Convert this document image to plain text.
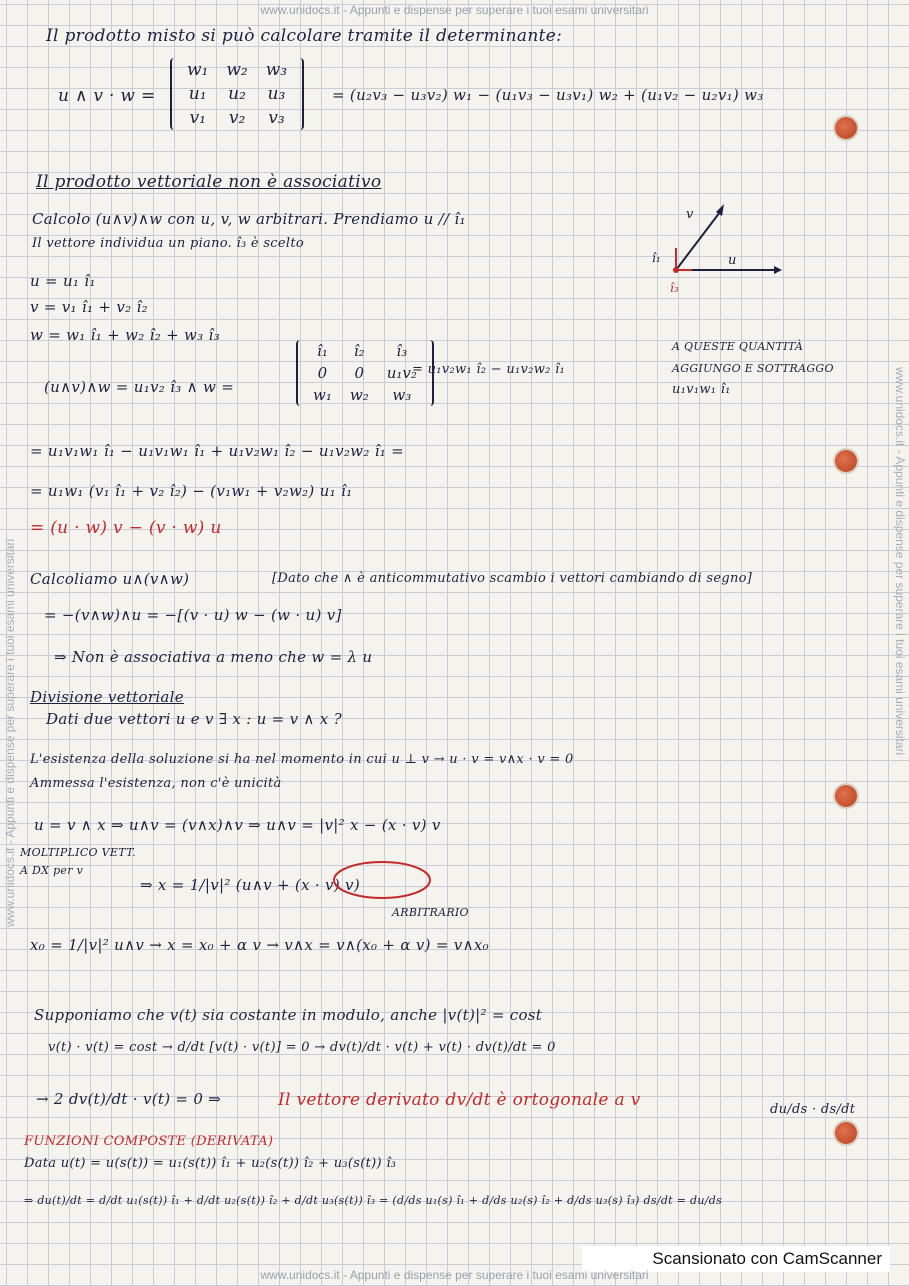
www.unidocs.it - Appunti e dispense per superare i tuoi esami universitari
www.unidocs.it - Appunti e dispense per superare i tuoi esami universitari	www.unidocs.it - Appunti e dispense per superare i tuoi esami universitari
Il prodotto misto si può calcolare tramite il determinante:
u ∧ v · w =
w₁	w₂	w₃
u₁	u₂	u₃
v₁	v₂	v₃
= (u₂v₃ − u₃v₂) w₁ − (u₁v₃ − u₃v₁) w₂ + (u₁v₂ − u₂v₁) w₃
Il prodotto vettoriale non è associativo
Calcolo (u∧v)∧w con u, v, w arbitrari. Prendiamo u // î₁
Il vettore individua un piano. î₃ è scelto
v
u
î₁
î₃
u = u₁ î₁
v = v₁ î₁ + v₂ î₂
w = w₁ î₁ + w₂ î₂ + w₃ î₃
(u∧v)∧w = u₁v₂ î₃ ∧ w =
î₁	î₂	î₃
0	0	u₁v₂
w₁	w₂	w₃
= u₁v₂w₁ î₂ − u₁v₂w₂ î₁
A QUESTE QUANTITÀ
AGGIUNGO E SOTTRAGGO
u₁v₁w₁ î₁
= u₁v₁w₁ î₁ − u₁v₁w₁ î₁ + u₁v₂w₁ î₂ − u₁v₂w₂ î₁ =
= u₁w₁ (v₁ î₁ + v₂ î₂) − (v₁w₁ + v₂w₂) u₁ î₁
= (u · w) v − (v · w) u
Calcoliamo u∧(v∧w)	[Dato che ∧ è anticommutativo scambio i vettori cambiando di segno]
= −(v∧w)∧u = −[(v · u) w − (w · u) v]
⇒ Non è associativa a meno che w = λ u
Divisione vettoriale
Dati due vettori u e v ∃ x : u = v ∧ x ?
L'esistenza della soluzione si ha nel momento in cui u ⊥ v → u · v = v∧x · v = 0
Ammessa l'esistenza, non c'è unicità
u = v ∧ x ⇒ u∧v = (v∧x)∧v ⇒ u∧v = |v|² x − (x · v) v
MOLTIPLICO VETT.
A DX per v
⇒ x = 1/|v|² (u∧v + (x · v) v)
ARBITRARIO
x₀ = 1/|v|² u∧v → x = x₀ + α v → v∧x = v∧(x₀ + α v) = v∧x₀
Supponiamo che v(t) sia costante in modulo, anche |v(t)|² = cost
v(t) · v(t) = cost → d/dt [v(t) · v(t)] = 0 → dv(t)/dt · v(t) + v(t) · dv(t)/dt = 0
→ 2 dv(t)/dt · v(t) = 0 ⇒	Il vettore derivato dv/dt è ortogonale a v	du/ds · ds/dt
FUNZIONI COMPOSTE (DERIVATA)
Data u(t) = u(s(t)) = u₁(s(t)) î₁ + u₂(s(t)) î₂ + u₃(s(t)) î₃
⇒ du(t)/dt = d/dt u₁(s(t)) î₁ + d/dt u₂(s(t)) î₂ + d/dt u₃(s(t)) î₃ = (d/ds u₁(s) î₁ + d/ds u₂(s) î₂ + d/ds u₃(s) î₃) ds/dt = du/ds
Scansionato con CamScanner
www.unidocs.it - Appunti e dispense per superare i tuoi esami universitari
